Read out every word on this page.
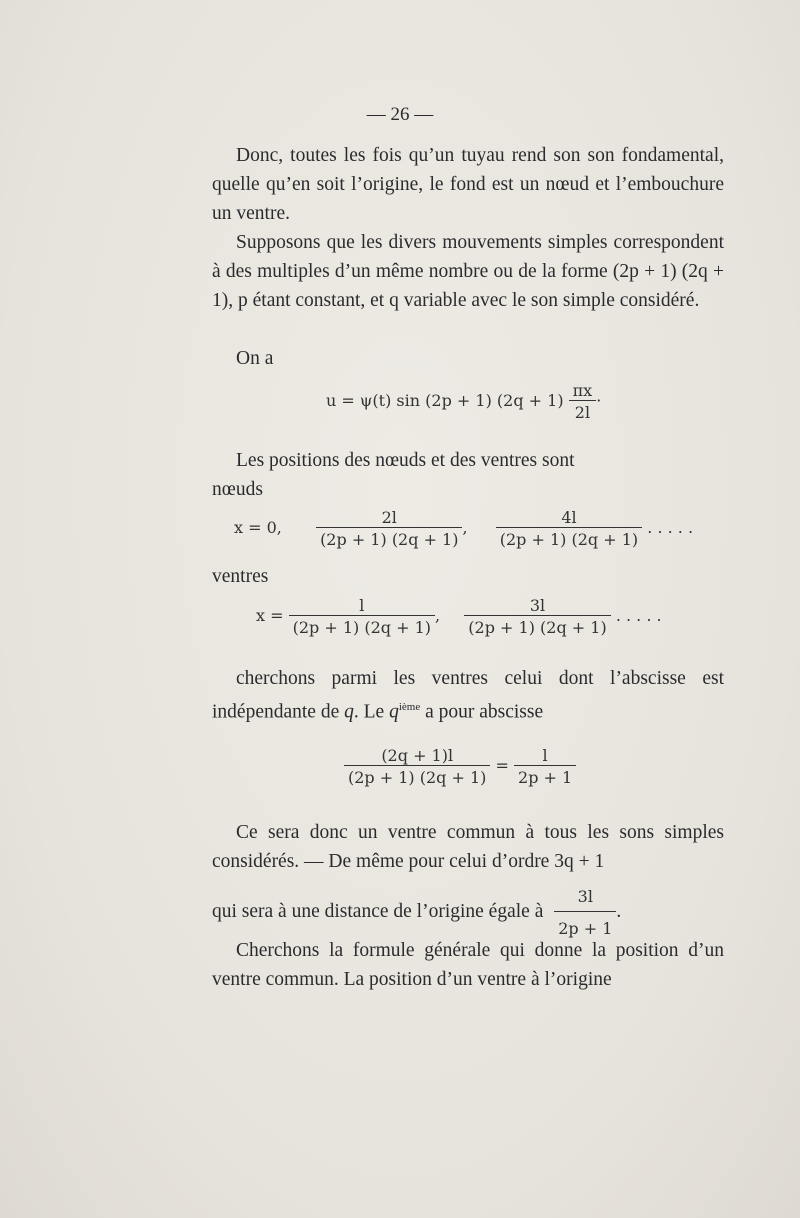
— 26 —

Donc, toutes les fois qu’un tuyau rend son son fondamental, quelle qu’en soit l’origine, le fond est un nœud et l’embouchure un ventre.

Supposons que les divers mouvements simples correspondent à des multiples d’un même nombre ou de la forme (2p + 1) (2q + 1), p étant constant, et q variable avec le son simple considéré.

On a

u = ψ(t) sin (2p + 1) $(2q + 1) \frac{\pi x}{2l}$ ·

Les positions des nœuds et des ventres sont

nœuds

x = 0, $\frac{2l}{(2p + 1) (2q + 1)}$ , $\frac{4l}{(2p + 1) (2q + 1)}$ . . . . .

ventres

$x = \frac{l}{(2p + 1) (2q + 1)}$ , $\frac{3l}{(2p + 1) (2q + 1)}$ . . . . .

cherchons parmi les ventres celui dont l’abscisse est indépendante de q. Le $q^{ième}$ a pour abscisse

$\frac{(2q + 1)l}{(2p + 1) (2q + 1)} = \frac{l}{2p + 1}$

Ce sera donc un ventre commun à tous les sons simples considérés. — De même pour celui d’ordre 3q + 1

qui sera à une distance de l’origine égale à $\frac{3l}{2p + 1}$ .

Cherchons la formule générale qui donne la position d’un ventre commun. La position d’un ventre à l’origine
